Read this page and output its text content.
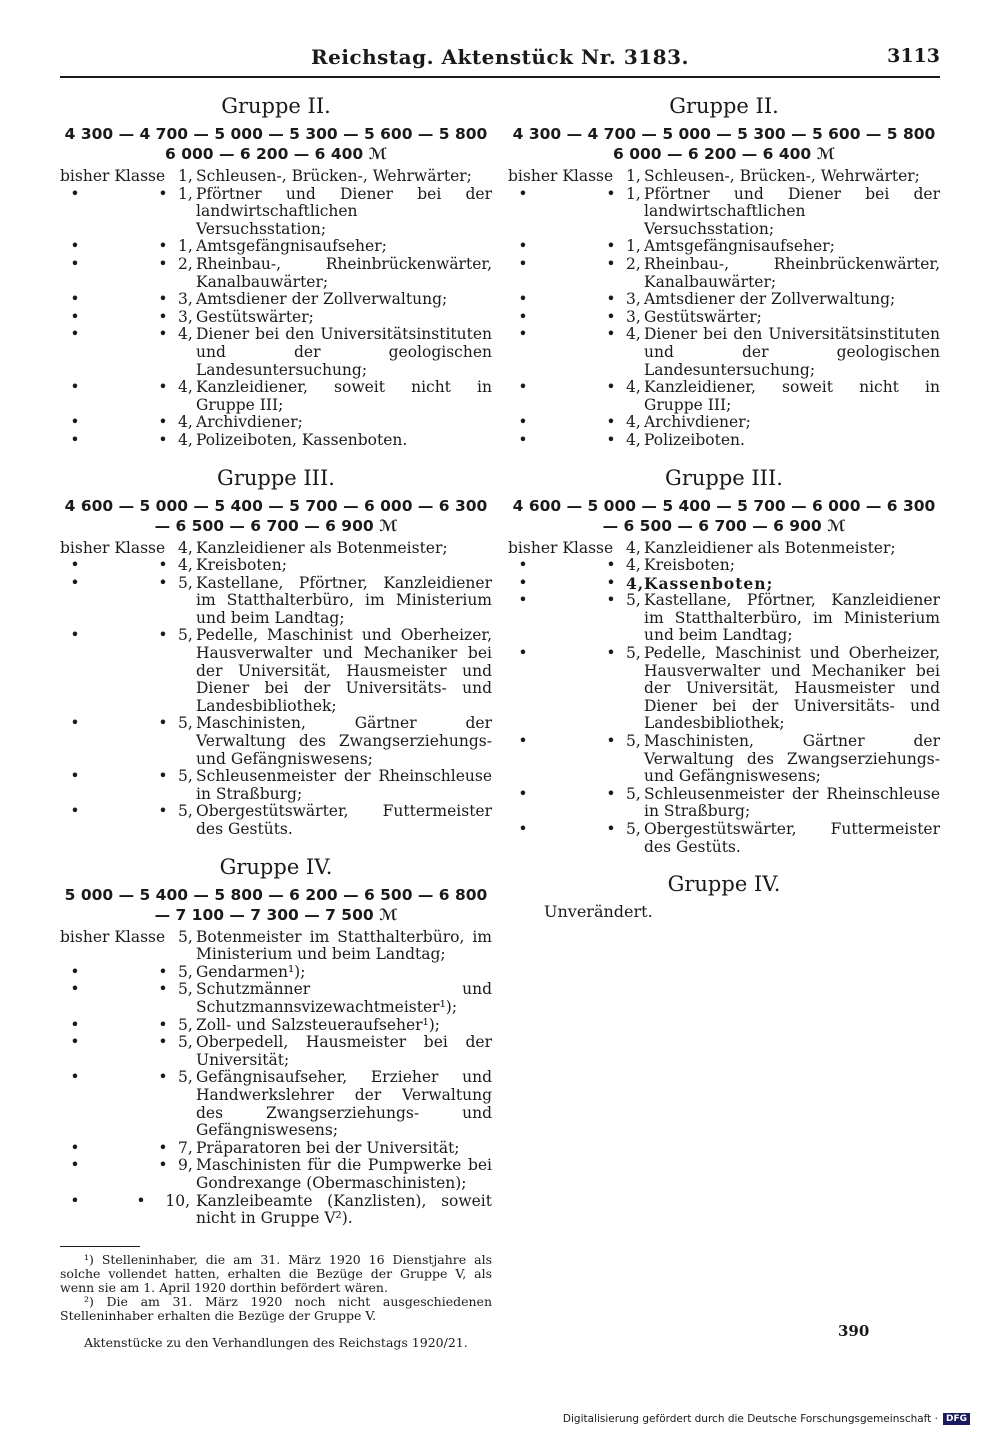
Reichstag. Aktenstück Nr. 3183.	3113
Gruppe II.
4 300 — 4 700 — 5 000 — 5 300 — 5 600 — 5 800
6 000 — 6 200 — 6 400 ℳ
bisher Klasse 1, Schleusen-, Brücken-, Wehrwärter;
•	• 1, Pförtner und Diener bei der landwirtschaftlichen Versuchsstation;
•	• 1, Amtsgefängnisaufseher;
•	• 2, Rheinbau-, Rheinbrückenwärter, Kanalbauwärter;
•	• 3, Amtsdiener der Zollverwaltung;
•	• 3, Gestütswärter;
•	• 4, Diener bei den Universitätsinstituten und der geologischen Landesuntersuchung;
•	• 4, Kanzleidiener, soweit nicht in Gruppe III;
•	• 4, Archivdiener;
•	• 4, Polizeiboten, Kassenboten.
Gruppe III.
4 600 — 5 000 — 5 400 — 5 700 — 6 000 — 6 300
— 6 500 — 6 700 — 6 900 ℳ
bisher Klasse 4, Kanzleidiener als Botenmeister;
•	• 4, Kreisboten;
•	• 5, Kastellane, Pförtner, Kanzleidiener im Statthalterbüro, im Ministerium und beim Landtag;
•	• 5, Pedelle, Maschinist und Oberheizer, Hausverwalter und Mechaniker bei der Universität, Hausmeister und Diener bei der Universitäts- und Landesbibliothek;
•	• 5, Maschinisten, Gärtner der Verwaltung des Zwangserziehungs- und Gefängniswesens;
•	• 5, Schleusenmeister der Rheinschleuse in Straßburg;
•	• 5, Obergestütswärter, Futtermeister des Gestüts.
Gruppe IV.
5 000 — 5 400 — 5 800 — 6 200 — 6 500 — 6 800
— 7 100 — 7 300 — 7 500 ℳ
bisher Klasse 5, Botenmeister im Statthalterbüro, im Ministerium und beim Landtag;
•	• 5, Gendarmen¹);
•	• 5, Schutzmänner und Schutzmannsvizewachtmeister¹);
•	• 5, Zoll- und Salzsteueraufseher¹);
•	• 5, Oberpedell, Hausmeister bei der Universität;
•	• 5, Gefängnisaufseher, Erzieher und Handwerkslehrer der Verwaltung des Zwangserziehungs- und Gefängniswesens;
•	• 7, Präparatoren bei der Universität;
•	• 9, Maschinisten für die Pumpwerke bei Gondrexange (Obermaschinisten);
•	•	10, Kanzleibeamte (Kanzlisten), soweit nicht in Gruppe V²).
¹) Stelleninhaber, die am 31. März 1920 16 Dienstjahre als solche vollendet hatten, erhalten die Bezüge der Gruppe V, als wenn sie am 1. April 1920 dorthin befördert wären.
²) Die am 31. März 1920 noch nicht ausgeschiedenen Stelleninhaber erhalten die Bezüge der Gruppe V.
Aktenstücke zu den Verhandlungen des Reichstags 1920/21.
Gruppe II.
4 300 — 4 700 — 5 000 — 5 300 — 5 600 — 5 800
6 000 — 6 200 — 6 400 ℳ
bisher Klasse 1, Schleusen-, Brücken-, Wehrwärter;
•	• 1, Pförtner und Diener bei der landwirtschaftlichen Versuchsstation;
•	• 1, Amtsgefängnisaufseher;
•	• 2, Rheinbau-, Rheinbrückenwärter, Kanalbauwärter;
•	• 3, Amtsdiener der Zollverwaltung;
•	• 3, Gestütswärter;
•	• 4, Diener bei den Universitätsinstituten und der geologischen Landesuntersuchung;
•	• 4, Kanzleidiener, soweit nicht in Gruppe III;
•	• 4, Archivdiener;
•	• 4, Polizeiboten.
Gruppe III.
4 600 — 5 000 — 5 400 — 5 700 — 6 000 — 6 300
— 6 500 — 6 700 — 6 900 ℳ
bisher Klasse 4, Kanzleidiener als Botenmeister;
•	• 4, Kreisboten;
•	• 4, Kassenboten;
•	• 5, Kastellane, Pförtner, Kanzleidiener im Statthalterbüro, im Ministerium und beim Landtag;
•	• 5, Pedelle, Maschinist und Oberheizer, Hausverwalter und Mechaniker bei der Universität, Hausmeister und Diener bei der Universitäts- und Landesbibliothek;
•	• 5, Maschinisten, Gärtner der Verwaltung des Zwangserziehungs- und Gefängniswesens;
•	• 5, Schleusenmeister der Rheinschleuse in Straßburg;
•	• 5, Obergestütswärter, Futtermeister des Gestüts.
Gruppe IV.
Unverändert.
390
Digitalisierung gefördert durch die Deutsche Forschungsgemeinschaft · DFG
